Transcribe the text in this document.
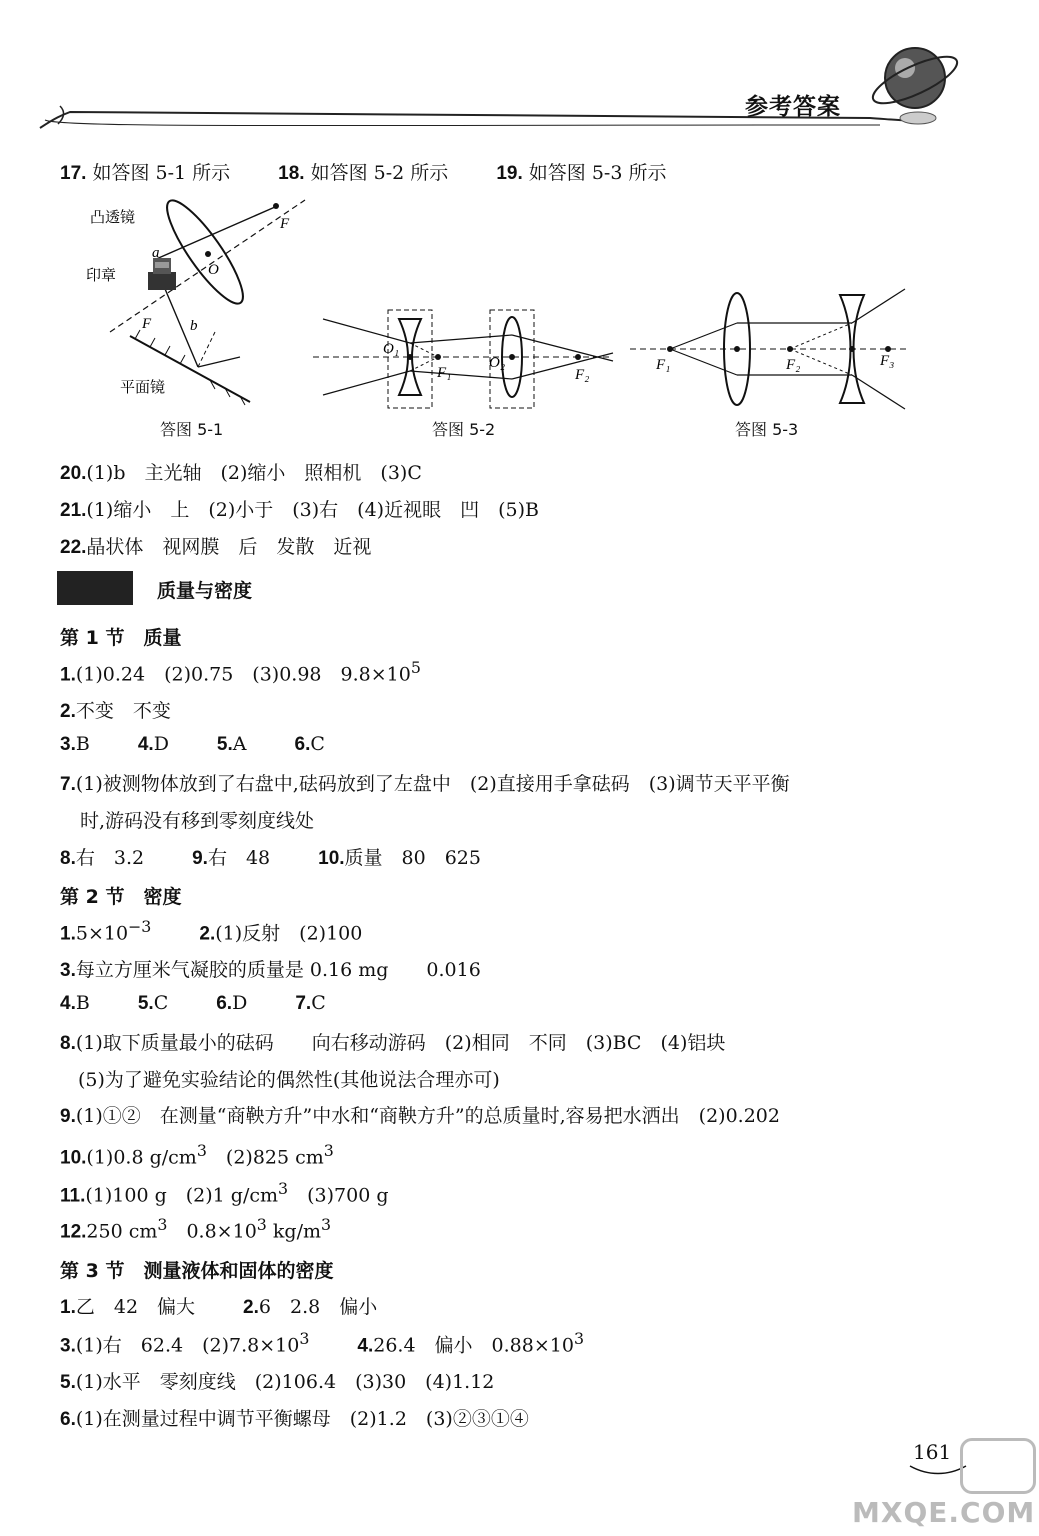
参考答案
17. 如答图 5-1 所示	18. 如答图 5-2 所示	19. 如答图 5-3 所示
凸透镜
印章
平面镜
a
b
O
F
F
答图 5-1
O₁
F₁
O₂
F₂
答图 5-2
F₁	F₂	F₃
答图 5-3
20.(1)b　主光轴　(2)缩小　照相机　(3)C
21.(1)缩小　上　(2)小于　(3)右　(4)近视眼　凹　(5)B
22.晶状体　视网膜　后　发散　近视
质量与密度
第 1 节　质量
1.(1)0.24　(2)0.75　(3)0.98　$9.8\times 10^5$
2.不变　不变
3.B	4.D	5.A	6.C
7.(1)被测物体放到了右盘中,砝码放到了左盘中　(2)直接用手拿砝码　(3)调节天平平衡
时,游码没有移到零刻度线处
8.右　3.2	9.右　48	10.质量　80　625
第 2 节　密度
$1.5\times 10^{-3}$	2.(1)反射　(2)100
3.每立方厘米气凝胶的质量是 0.16 mg　　0.016
4.B	5.C	6.D	7.C
8.(1)取下质量最小的砝码　　向右移动游码　(2)相同　不同　(3)BC　(4)铝块
(5)为了避免实验结论的偶然性(其他说法合理亦可)
9.(1)①②　在测量“商鞅方升”中水和“商鞅方升”的总质量时,容易把水洒出　(2)0.202
10.(1)0.8 $g/cm^3$　(2)825 $cm^3$
11.(1)100 g　(2)1 $g/cm^3$　(3)700 g
12.250 $cm^3$　$0.8\times 10^3$ $kg/m^3$
第 3 节　测量液体和固体的密度
1.乙　42　偏大	2.6　2.8　偏小
3.(1)右　62.4　$(2)7.8\times 10^3$	4.26.4　偏小　$0.88\times 10^3$
5.(1)水平　零刻度线　(2)106.4　(3)30　(4)1.12
6.(1)在测量过程中调节平衡螺母　(2)1.2　(3)②③①④
161
MXQE.COM
